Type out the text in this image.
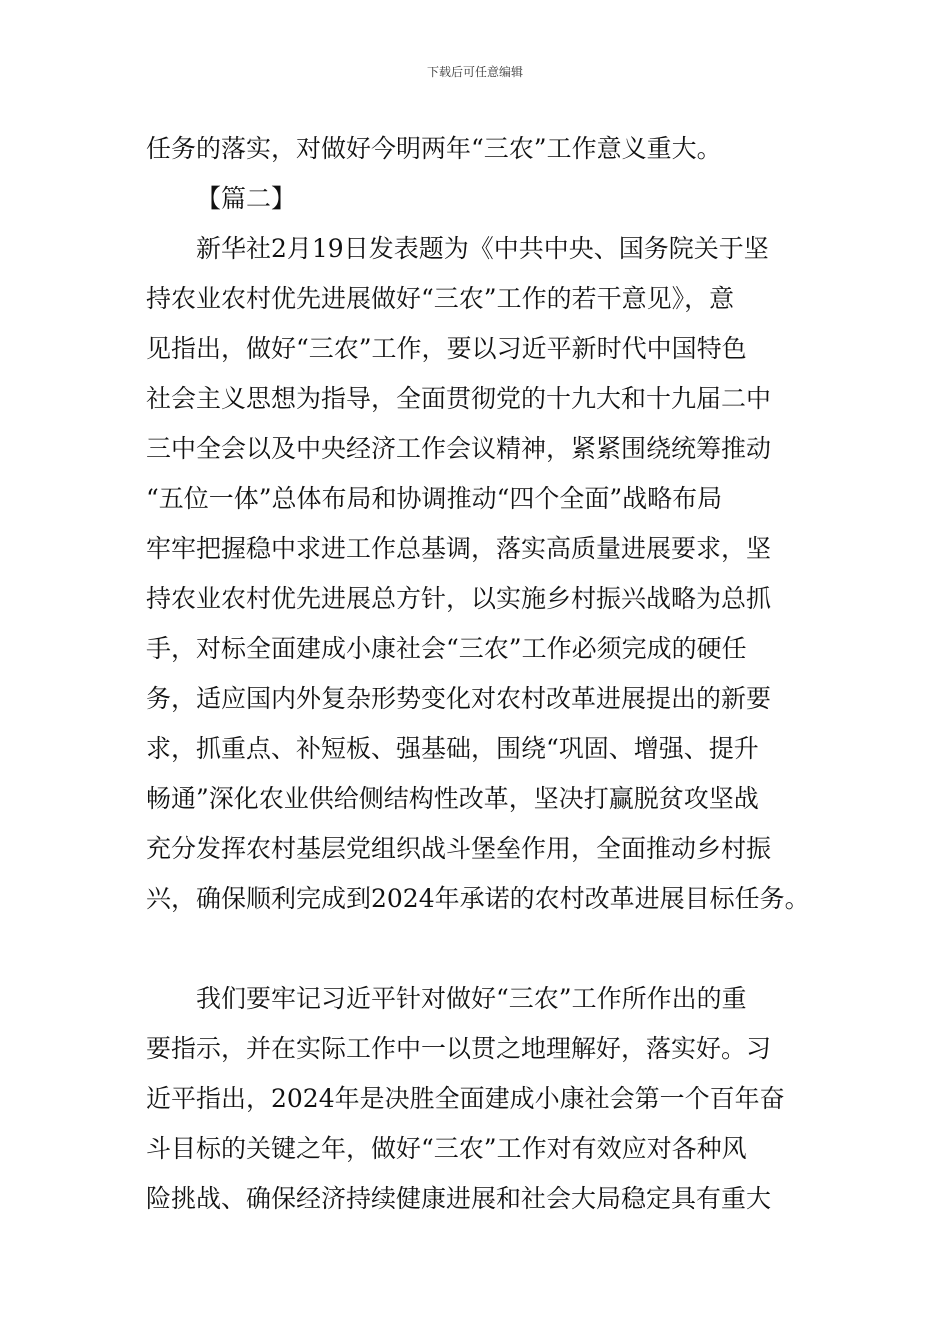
下载后可任意编辑
任务的落实，对做好今明两年“三农”工作意义重大。
【篇二】
新华社2月19日发表题为《中共中央、国务院关于坚
持农业农村优先进展做好“三农”工作的若干意见》，意
见指出，做好“三农”工作，要以习近平新时代中国特色
社会主义思想为指导，全面贯彻党的十九大和十九届二中
三中全会以及中央经济工作会议精神，紧紧围绕统筹推动
“五位一体”总体布局和协调推动“四个全面”战略布局
牢牢把握稳中求进工作总基调，落实高质量进展要求，坚
持农业农村优先进展总方针，以实施乡村振兴战略为总抓
手，对标全面建成小康社会“三农”工作必须完成的硬任
务，适应国内外复杂形势变化对农村改革进展提出的新要
求，抓重点、补短板、强基础，围绕“巩固、增强、提升
畅通”深化农业供给侧结构性改革，坚决打赢脱贫攻坚战
充分发挥农村基层党组织战斗堡垒作用，全面推动乡村振
兴，确保顺利完成到2024年承诺的农村改革进展目标任务。
我们要牢记习近平针对做好“三农”工作所作出的重
要指示，并在实际工作中一以贯之地理解好，落实好。习
近平指出，2024年是决胜全面建成小康社会第一个百年奋
斗目标的关键之年，做好“三农”工作对有效应对各种风
险挑战、确保经济持续健康进展和社会大局稳定具有重大
